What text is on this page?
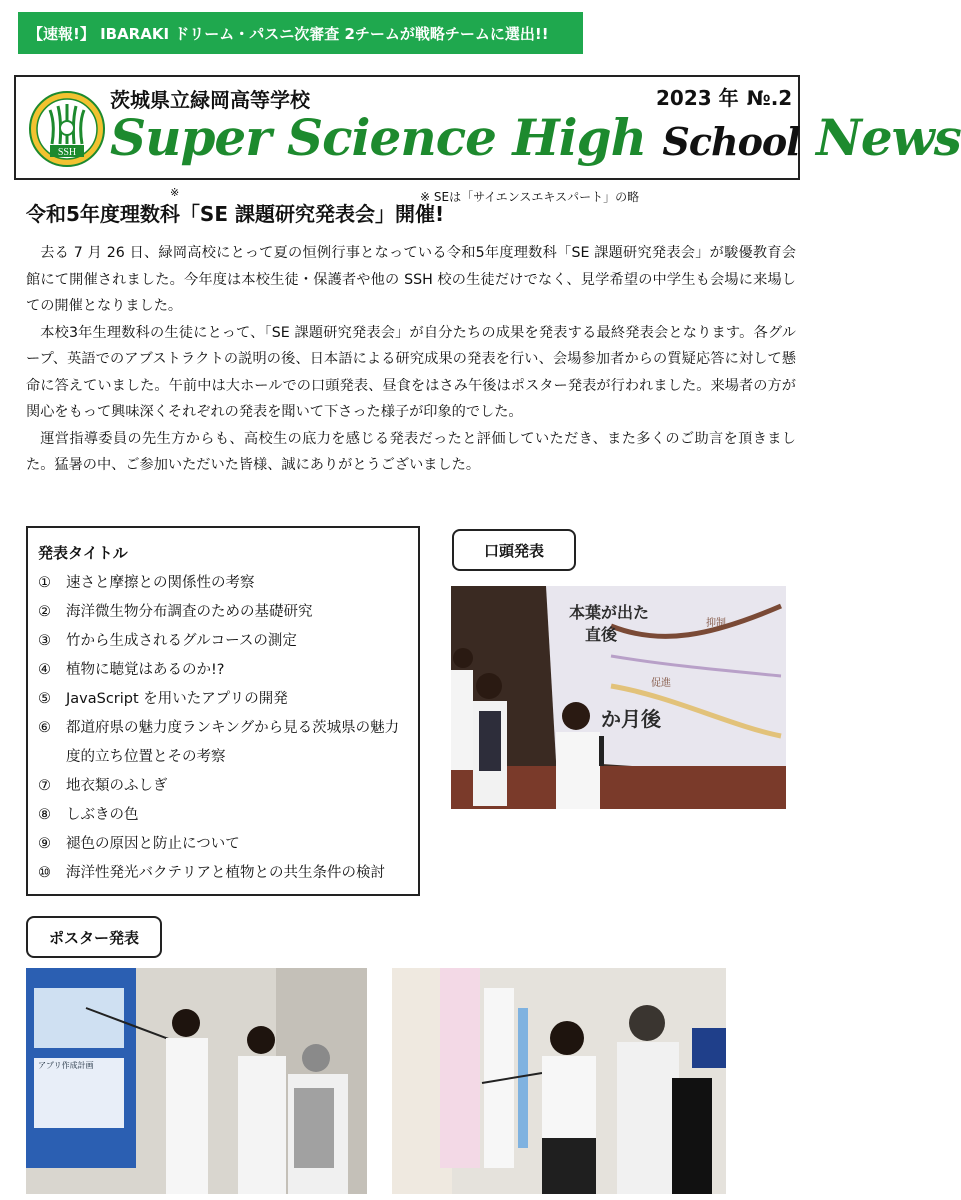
【速報!】 IBARAKI ドリーム・パスニ次審査 2チームが戦略チームに選出!!
SSH
茨城県立緑岡高等学校	2023 年 №.2
Super Science High School News
※
令和5年度理数科「SE 課題研究発表会」開催!
※ SEは「サイエンスエキスパート」の略

去る 7 月 26 日、緑岡高校にとって夏の恒例行事となっている令和5年度理数科「SE 課題研究発表会」が駿優教育会館にて開催されました。今年度は本校生徒・保護者や他の SSH 校の生徒だけでなく、見学希望の中学生も会場に来場しての開催となりました。

本校3年生理数科の生徒にとって、「SE 課題研究発表会」が自分たちの成果を発表する最終発表会となります。各グループ、英語でのアブストラクトの説明の後、日本語による研究成果の発表を行い、会場参加者からの質疑応答に対して懸命に答えていました。午前中は大ホールでの口頭発表、昼食をはさみ午後はポスター発表が行われました。来場者の方が関心をもって興味深くそれぞれの発表を聞いて下さった様子が印象的でした。

運営指導委員の先生方からも、高校生の底力を感じる発表だったと評価していただき、また多くのご助言を頂きました。猛暑の中、ご参加いただいた皆様、誠にありがとうございました。

発表タイトル
①	速さと摩擦との関係性の考察
②	海洋微生物分布調査のための基礎研究
③	竹から生成されるグルコースの測定
④	植物に聴覚はあるのか!?
⑤	JavaScript を用いたアプリの開発
⑥	都道府県の魅力度ランキングから見る茨城県の魅力度的立ち位置とその考察
⑦	地衣類のふしぎ
⑧	しぶきの色
⑨	褪色の原因と防止について
⑩	海洋性発光バクテリアと植物との共生条件の検討
口頭発表
本葉が出た
直後
か月後
抑制
促進
ポスター発表
アプリ作成計画
